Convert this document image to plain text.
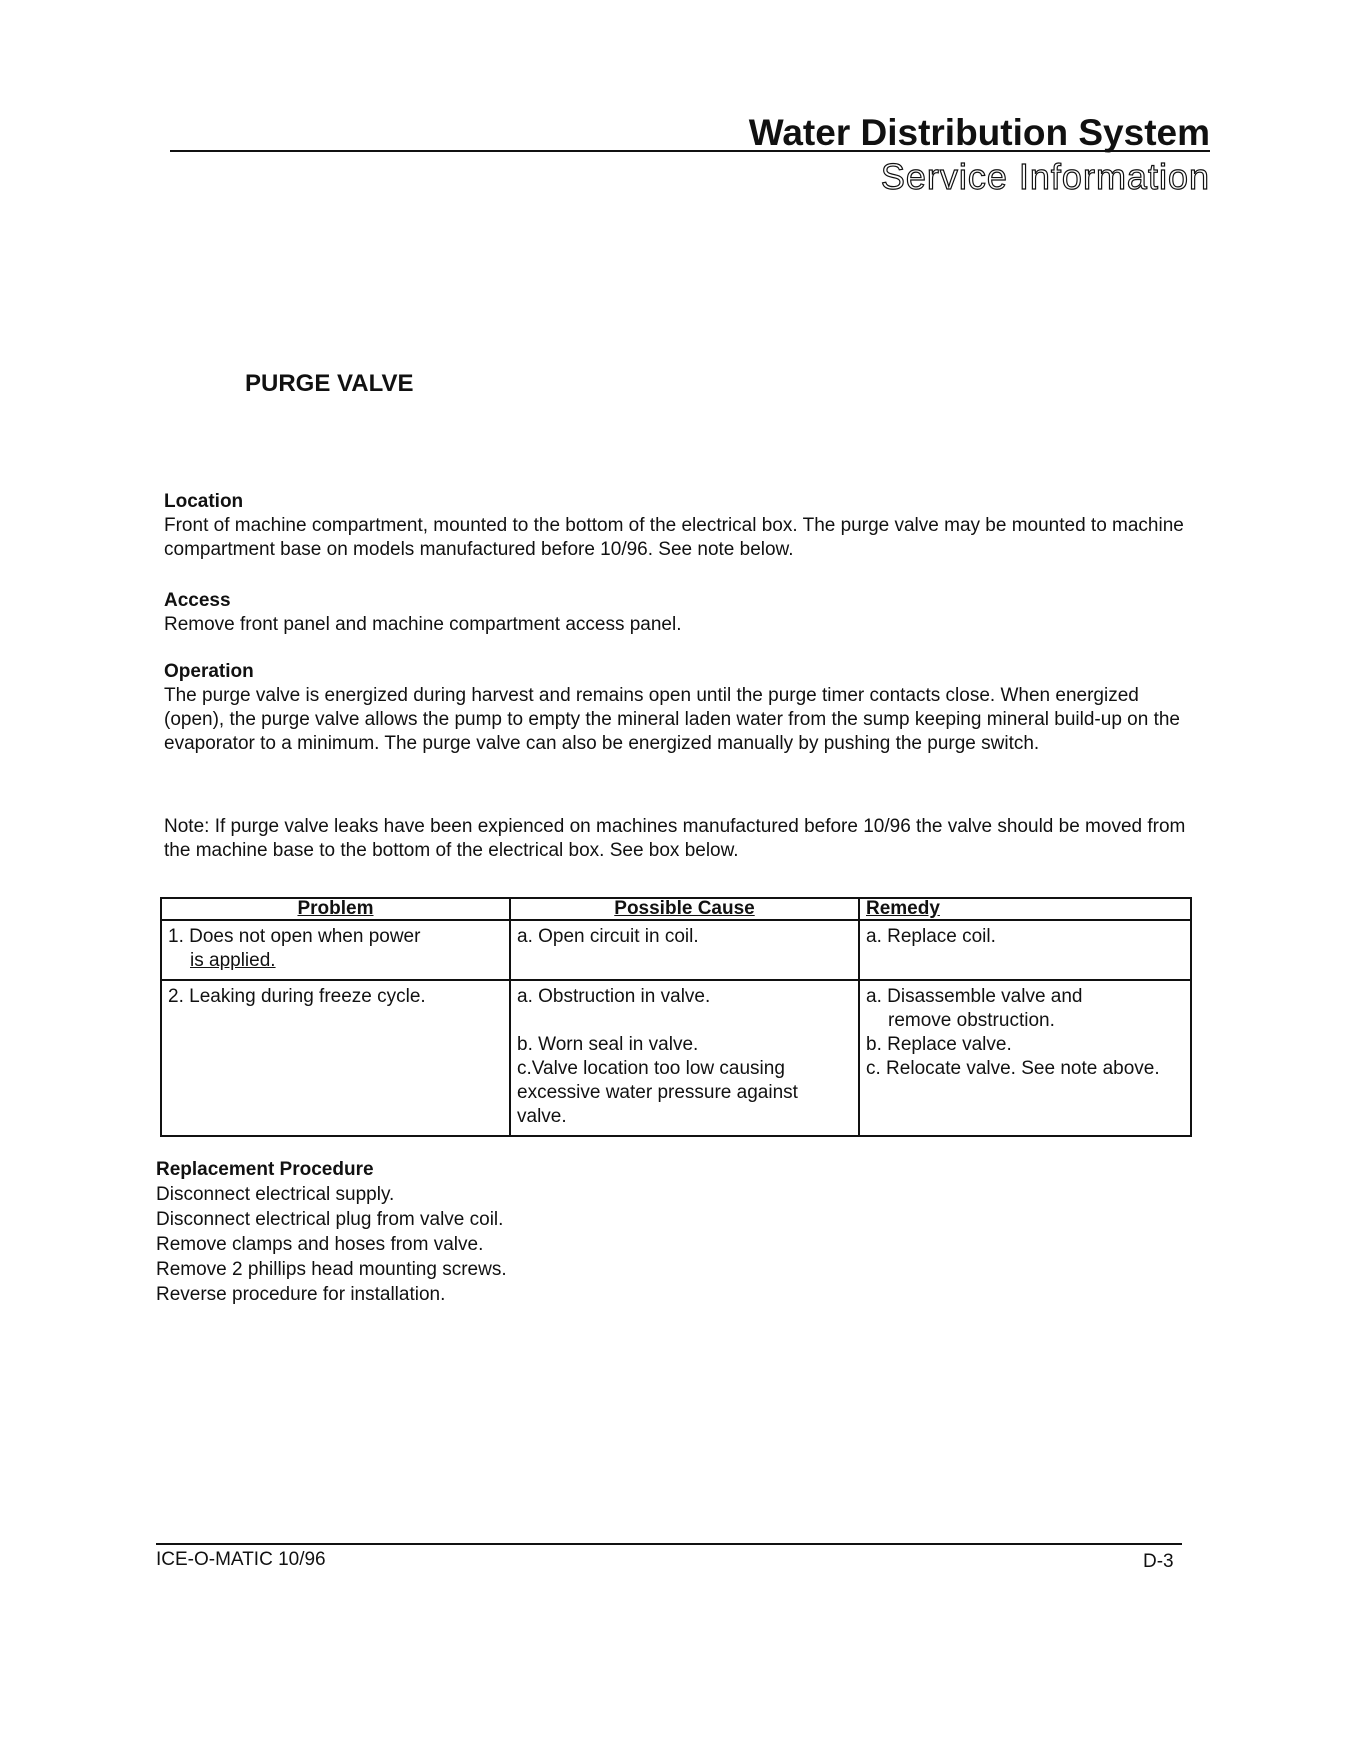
Water Distribution System
Service Information
PURGE VALVE
Location

Front of machine compartment, mounted to the bottom of the electrical box. The purge valve may be mounted to machine compartment base on models manufactured before 10/96. See note below.

Access

Remove front panel and machine compartment access panel.

Operation

The purge valve is energized during harvest and remains open until the purge timer contacts close. When energized (open), the purge valve allows the pump to empty the mineral laden water from the sump keeping mineral build-up on the evaporator to a minimum. The purge valve can also be energized manually by pushing the purge switch.

Note: If purge valve leaks have been expienced on machines manufactured before 10/96 the valve should be moved from the machine base to the bottom of the electrical box. See box below.

Problem	Possible Cause	Remedy

1. Does not open when power
is applied.	a. Open circuit in coil.	a. Replace coil.

2. Leaking during freeze cycle.	a. Obstruction in valve.
b. Worn seal in valve.
c.Valve location too low causing
excessive water pressure against
valve.	a. Disassemble valve and
remove obstruction.
b. Replace valve.
c. Relocate valve. See note above.
Replacement Procedure
Disconnect electrical supply.
Disconnect electrical plug from valve coil.
Remove clamps and hoses from valve.
Remove 2 phillips head mounting screws.
Reverse procedure for installation.
ICE-O-MATIC 10/96	D-3
